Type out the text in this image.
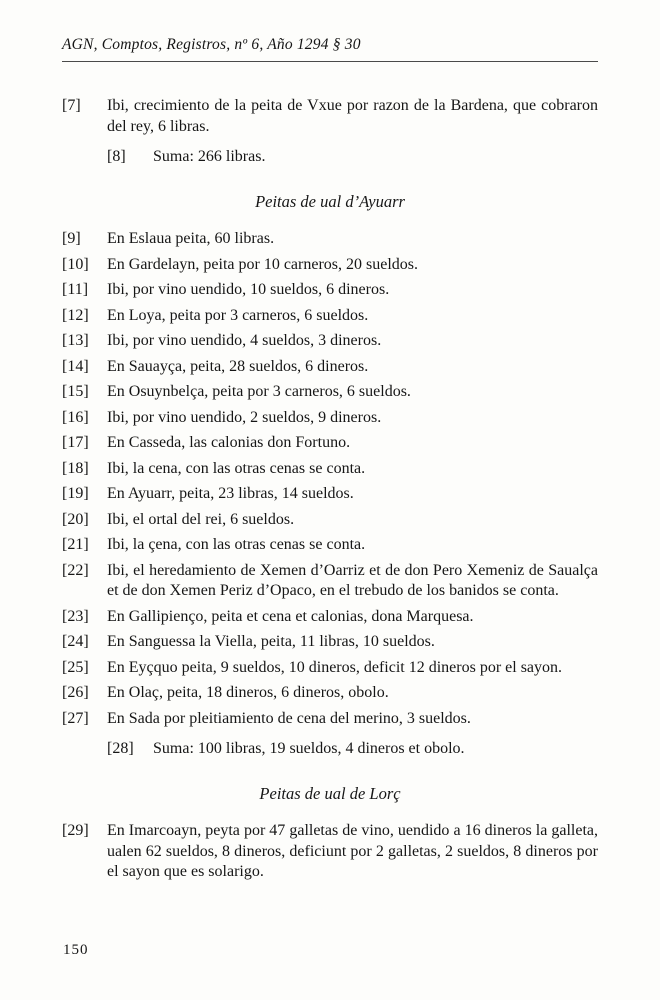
AGN, Comptos, Registros, nº 6, Año 1294 § 30
[7] Ibi, crecimiento de la peita de Vxue por razon de la Bardena, que cobraron del rey, 6 libras.
[8] Suma: 266 libras.
Peitas de ual d’Ayuarr
[9] En Eslaua peita, 60 libras.
[10] En Gardelayn, peita por 10 carneros, 20 sueldos.
[11] Ibi, por vino uendido, 10 sueldos, 6 dineros.
[12] En Loya, peita por 3 carneros, 6 sueldos.
[13] Ibi, por vino uendido, 4 sueldos, 3 dineros.
[14] En Sauayça, peita, 28 sueldos, 6 dineros.
[15] En Osuynbelça, peita por 3 carneros, 6 sueldos.
[16] Ibi, por vino uendido, 2 sueldos, 9 dineros.
[17] En Casseda, las calonias don Fortuno.
[18] Ibi, la cena, con las otras cenas se conta.
[19] En Ayuarr, peita, 23 libras, 14 sueldos.
[20] Ibi, el ortal del rei, 6 sueldos.
[21] Ibi, la çena, con las otras cenas se conta.
[22] Ibi, el heredamiento de Xemen d’Oarriz et de don Pero Xemeniz de Saualça et de don Xemen Periz d’Opaco, en el trebudo de los banidos se conta.
[23] En Gallipienço, peita et cena et calonias, dona Marquesa.
[24] En Sanguessa la Viella, peita, 11 libras, 10 sueldos.
[25] En Eyçquo peita, 9 sueldos, 10 dineros, deficit 12 dineros por el sayon.
[26] En Olaç, peita, 18 dineros, 6 dineros, obolo.
[27] En Sada por pleitiamiento de cena del merino, 3 sueldos.
[28] Suma: 100 libras, 19 sueldos, 4 dineros et obolo.
Peitas de ual de Lorç
[29] En Imarcoayn, peyta por 47 galletas de vino, uendido a 16 dineros la galleta, ualen 62 sueldos, 8 dineros, deficiunt por 2 galletas, 2 sueldos, 8 dineros por el sayon que es solarigo.
150
